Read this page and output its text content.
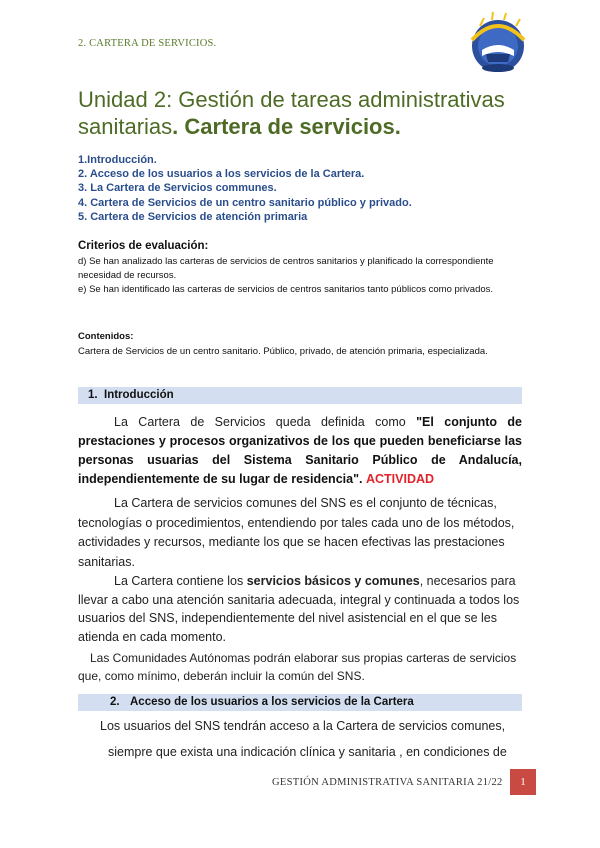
2. CARTERA DE SERVICIOS.
Unidad 2: Gestión de tareas administrativas sanitarias. Cartera de servicios.
1.Introducción.
2. Acceso de los usuarios a los servicios de la Cartera.
3. La Cartera de Servicios communes.
4. Cartera de Servicios de un centro sanitario público y privado.
5. Cartera de Servicios de atención primaria
Criterios de evaluación:
d) Se han analizado las carteras de servicios de centros sanitarios y planificado la correspondiente necesidad de recursos.
e) Se han identificado las carteras de servicios de centros sanitarios tanto públicos como privados.
Contenidos:
Cartera de Servicios de un centro sanitario. Público, privado, de atención primaria, especializada.
1. Introducción
La Cartera de Servicios queda definida como "El conjunto de prestaciones y procesos organizativos de los que pueden beneficiarse las personas usuarias del Sistema Sanitario Público de Andalucía, independientemente de su lugar de residencia". ACTIVIDAD
La Cartera de servicios comunes del SNS es el conjunto de técnicas, tecnologías o procedimientos, entendiendo por tales cada uno de los métodos, actividades y recursos, mediante los que se hacen efectivas las prestaciones sanitarias.
La Cartera contiene los servicios básicos y comunes, necesarios para llevar a cabo una atención sanitaria adecuada, integral y continuada a todos los usuarios del SNS, independientemente del nivel asistencial en el que se les atienda en cada momento.
Las Comunidades Autónomas podrán elaborar sus propias carteras de servicios que, como mínimo, deberán incluir la común del SNS.
2. Acceso de los usuarios a los servicios de la Cartera
Los usuarios del SNS tendrán acceso a la Cartera de servicios comunes,
siempre que exista una indicación clínica y sanitaria , en condiciones de
GESTIÓN ADMINISTRATIVA SANITARIA 21/22	1
